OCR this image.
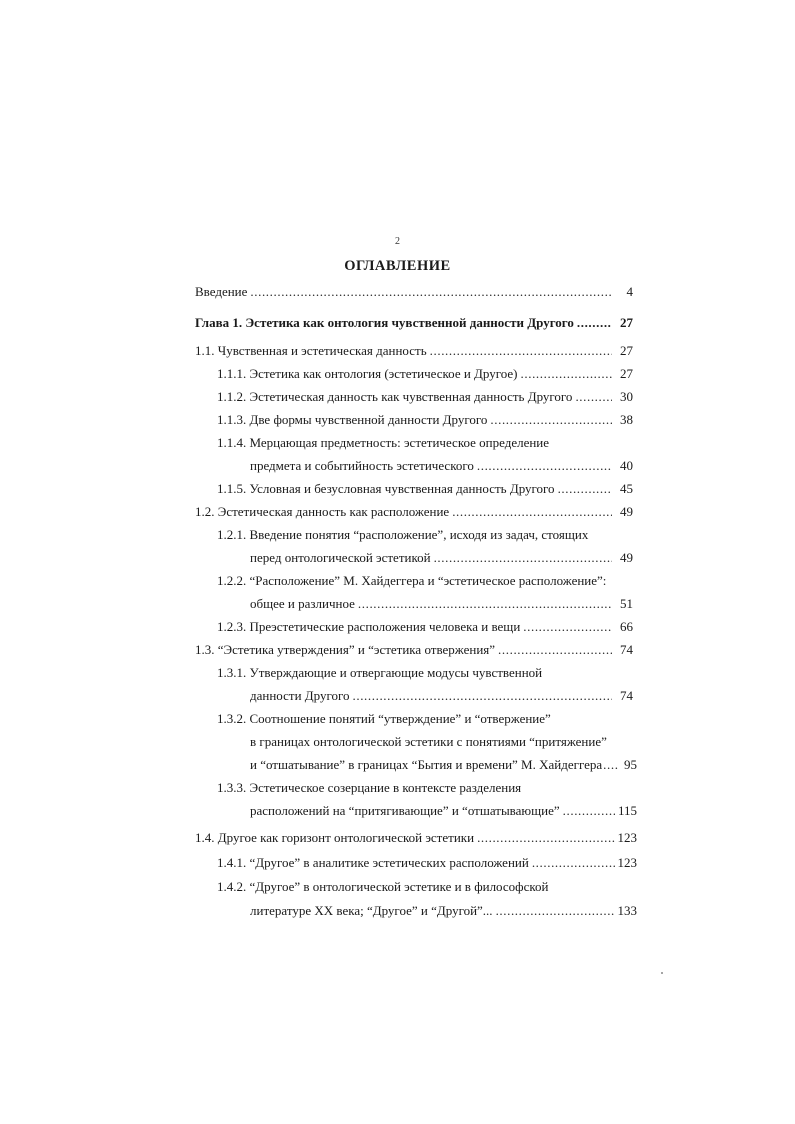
2
ОГЛАВЛЕНИЕ
Введение .....	4
Глава 1. Эстетика как онтология чувственной данности Другого .....	27
1.1. Чувственная и эстетическая данность .....	27
1.1.1. Эстетика как онтология (эстетическое и Другое) .....	27
1.1.2. Эстетическая данность как чувственная данность Другого .....	30
1.1.3. Две формы чувственной данности Другого .....	38
1.1.4. Мерцающая предметность: эстетическое определение
предмета и событийность эстетического .....	40
1.1.5. Условная и безусловная чувственная данность Другого .....	45
1.2. Эстетическая данность как расположение .....	49
1.2.1. Введение понятия “расположение”, исходя из задач, стоящих
перед онтологической эстетикой .....	49
1.2.2. “Расположение” М. Хайдеггера и “эстетическое расположение”:
общее и различное .....	51
1.2.3. Преэстетические расположения человека и вещи .....	66
1.3. “Эстетика утверждения” и “эстетика отвержения” .....	74
1.3.1. Утверждающие и отвергающие модусы чувственной
данности Другого .....	74
1.3.2. Соотношение понятий “утверждение” и “отвержение”
в границах онтологической эстетики с понятиями “притяжение”
и “отшатывание” в границах “Бытия и времени” М. Хайдеггера .....	95
1.3.3. Эстетическое созерцание в контексте разделения
расположений на “притягивающие” и “отшатывающие” .....	115
1.4. Другое как горизонт онтологической эстетики .....	123
1.4.1. “Другое” в аналитике эстетических расположений .....	123
1.4.2. “Другое” в онтологической эстетике и в философской
литературе XX века; “Другое” и “Другой”... .....	133
